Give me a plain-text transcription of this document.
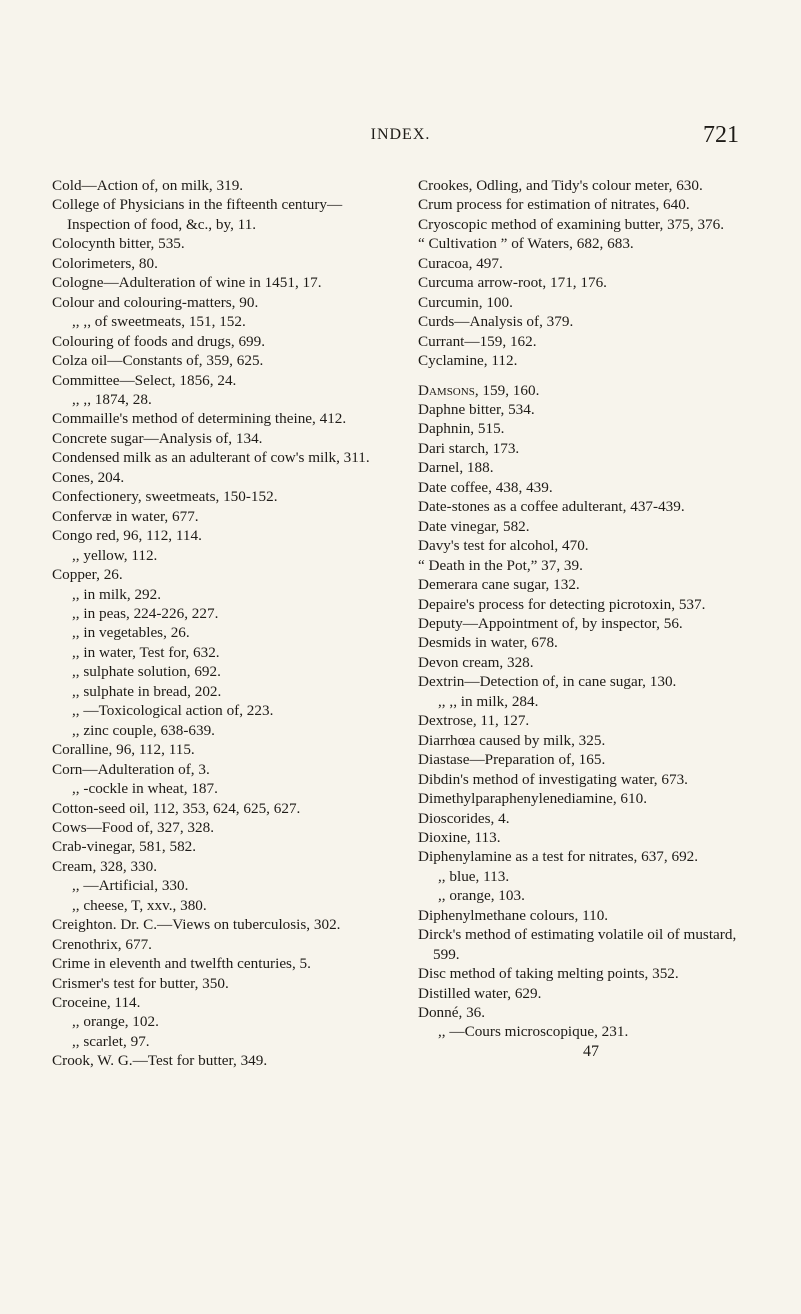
INDEX.	721

Cold—Action of, on milk, 319.

College of Physicians in the fifteenth century—Inspection of food, &c., by, 11.

Colocynth bitter, 535.

Colorimeters, 80.

Cologne—Adulteration of wine in 1451, 17.

Colour and colouring-matters, 90.

,, ,, of sweetmeats, 151, 152.

Colouring of foods and drugs, 699.

Colza oil—Constants of, 359, 625.

Committee—Select, 1856, 24.

,, ,, 1874, 28.

Commaille's method of determining theine, 412.

Concrete sugar—Analysis of, 134.

Condensed milk as an adulterant of cow's milk, 311.

Cones, 204.

Confectionery, sweetmeats, 150-152.

Confervæ in water, 677.

Congo red, 96, 112, 114.

,, yellow, 112.

Copper, 26.

,, in milk, 292.

,, in peas, 224-226, 227.

,, in vegetables, 26.

,, in water, Test for, 632.

,, sulphate solution, 692.

,, sulphate in bread, 202.

,, —Toxicological action of, 223.

,, zinc couple, 638-639.

Coralline, 96, 112, 115.

Corn—Adulteration of, 3.

,, -cockle in wheat, 187.

Cotton-seed oil, 112, 353, 624, 625, 627.

Cows—Food of, 327, 328.

Crab-vinegar, 581, 582.

Cream, 328, 330.

,, —Artificial, 330.

,, cheese, T, xxv., 380.

Creighton. Dr. C.—Views on tuberculosis, 302.

Crenothrix, 677.

Crime in eleventh and twelfth centuries, 5.

Crismer's test for butter, 350.

Croceine, 114.

,, orange, 102.

,, scarlet, 97.

Crook, W. G.—Test for butter, 349.

Crookes, Odling, and Tidy's colour meter, 630.

Crum process for estimation of nitrates, 640.

Cryoscopic method of examining butter, 375, 376.

“ Cultivation ” of Waters, 682, 683.

Curacoa, 497.

Curcuma arrow-root, 171, 176.

Curcumin, 100.

Curds—Analysis of, 379.

Currant—159, 162.

Cyclamine, 112.

Damsons, 159, 160.

Daphne bitter, 534.

Daphnin, 515.

Dari starch, 173.

Darnel, 188.

Date coffee, 438, 439.

Date-stones as a coffee adulterant, 437-439.

Date vinegar, 582.

Davy's test for alcohol, 470.

“ Death in the Pot,” 37, 39.

Demerara cane sugar, 132.

Depaire's process for detecting picrotoxin, 537.

Deputy—Appointment of, by inspector, 56.

Desmids in water, 678.

Devon cream, 328.

Dextrin—Detection of, in cane sugar, 130.

,, ,, in milk, 284.

Dextrose, 11, 127.

Diarrhœa caused by milk, 325.

Diastase—Preparation of, 165.

Dibdin's method of investigating water, 673.

Dimethylparaphenylenediamine, 610.

Dioscorides, 4.

Dioxine, 113.

Diphenylamine as a test for nitrates, 637, 692.

,, blue, 113.

,, orange, 103.

Diphenylmethane colours, 110.

Dirck's method of estimating volatile oil of mustard, 599.

Disc method of taking melting points, 352.

Distilled water, 629.

Donné, 36.

,, —Cours microscopique, 231.

47
